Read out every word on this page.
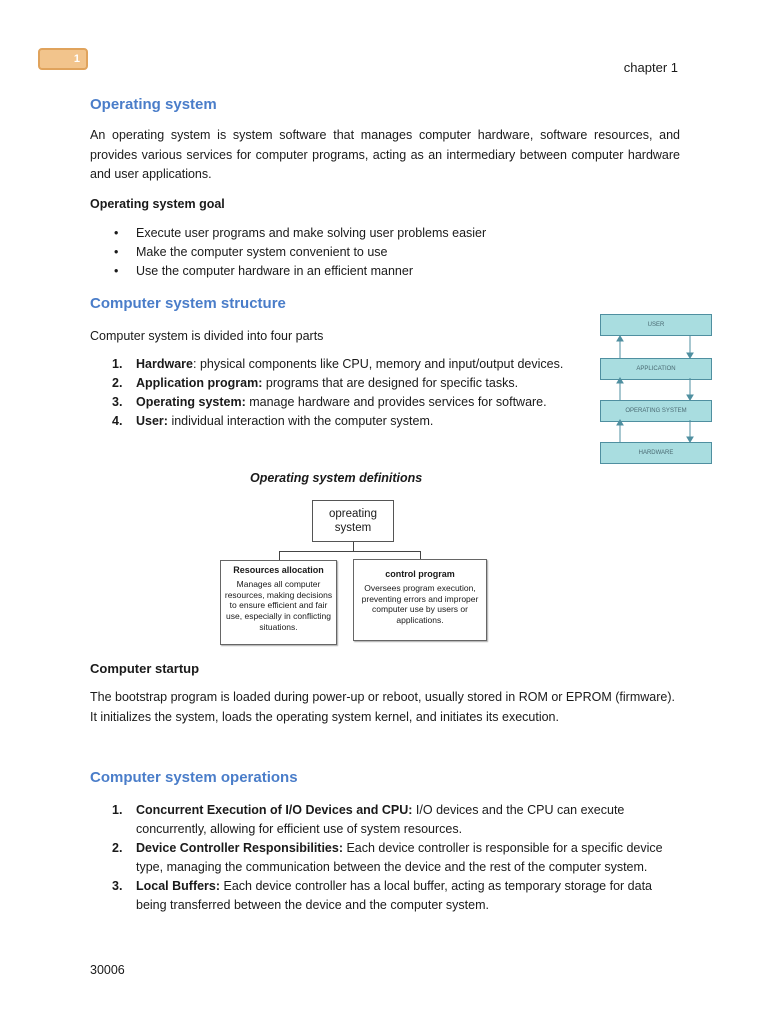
1
chapter 1
Operating system

An operating system is system software that manages computer hardware, software resources, and provides various services for computer programs, acting as an intermediary between computer hardware and user applications.

Operating system goal

• Execute user programs and make solving user problems easier
• Make the computer system convenient to use
• Use the computer hardware in an efficient manner
Computer system structure

Computer system is divided into four parts

1. Hardware: physical components like CPU, memory and input/output devices.
2. Application program: programs that are designed for specific tasks.
3. Operating system: manage hardware and provides services for software.
4. User: individual interaction with the computer system.
USER
APPLICATION
OPERATING SYSTEM
HARDWARE
Operating system definitions
opreating system
Resources allocation
Manages all computer resources, making decisions to ensure efficient and fair use, especially in conflicting situations.
control program
Oversees program execution, preventing errors and improper computer use by users or applications.

Computer startup

The bootstrap program is loaded during power-up or reboot, usually stored in ROM or EPROM (firmware). It initializes the system, loads the operating system kernel, and initiates its execution.

Computer system operations
1. Concurrent Execution of I/O Devices and CPU: I/O devices and the CPU can execute concurrently, allowing for efficient use of system resources.
2. Device Controller Responsibilities: Each device controller is responsible for a specific device type, managing the communication between the device and the rest of the computer system.
3. Local Buffers: Each device controller has a local buffer, acting as temporary storage for data being transferred between the device and the computer system.
30006
